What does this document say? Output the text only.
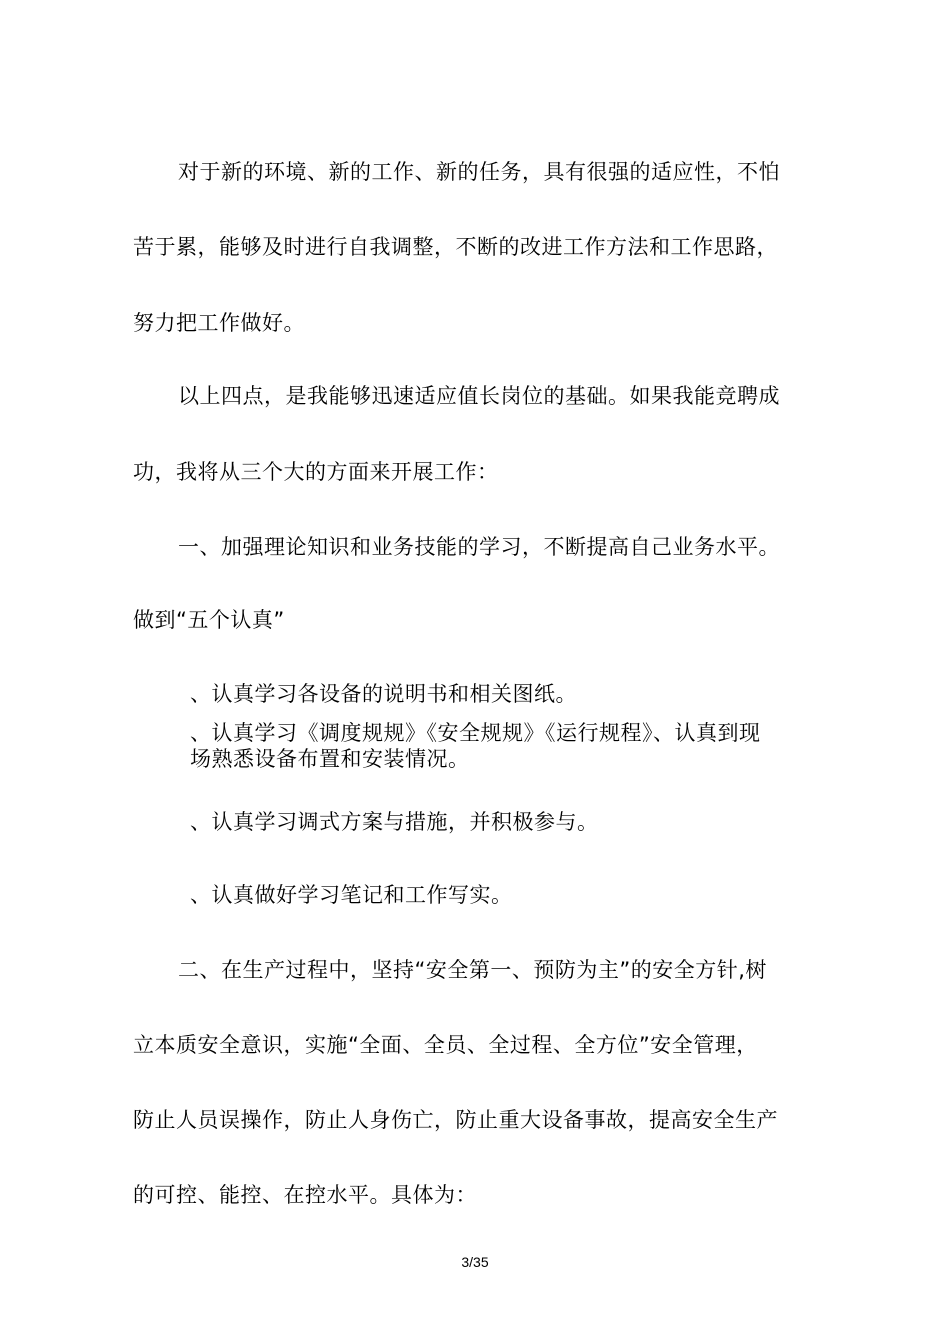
对于新的环境、新的工作、新的任务，具有很强的适应性，不怕
苦于累，能够及时进行自我调整，不断的改进工作方法和工作思路，
努力把工作做好。
以上四点，是我能够迅速适应值长岗位的基础。如果我能竞聘成
功，我将从三个大的方面来开展工作：
一、加强理论知识和业务技能的学习，不断提高自己业务水平。
做到“五个认真”
、认真学习各设备的说明书和相关图纸。
、认真学习《调度规规》《安全规规》《运行规程》、认真到现
场熟悉设备布置和安装情况。
、认真学习调式方案与措施，并积极参与。
、认真做好学习笔记和工作写实。
二、在生产过程中，坚持“安全第一、预防为主”的安全方针,树
立本质安全意识，实施“全面、全员、全过程、全方位”安全管理，
防止人员误操作，防止人身伤亡，防止重大设备事故，提高安全生产
的可控、能控、在控水平。具体为：
3/35
